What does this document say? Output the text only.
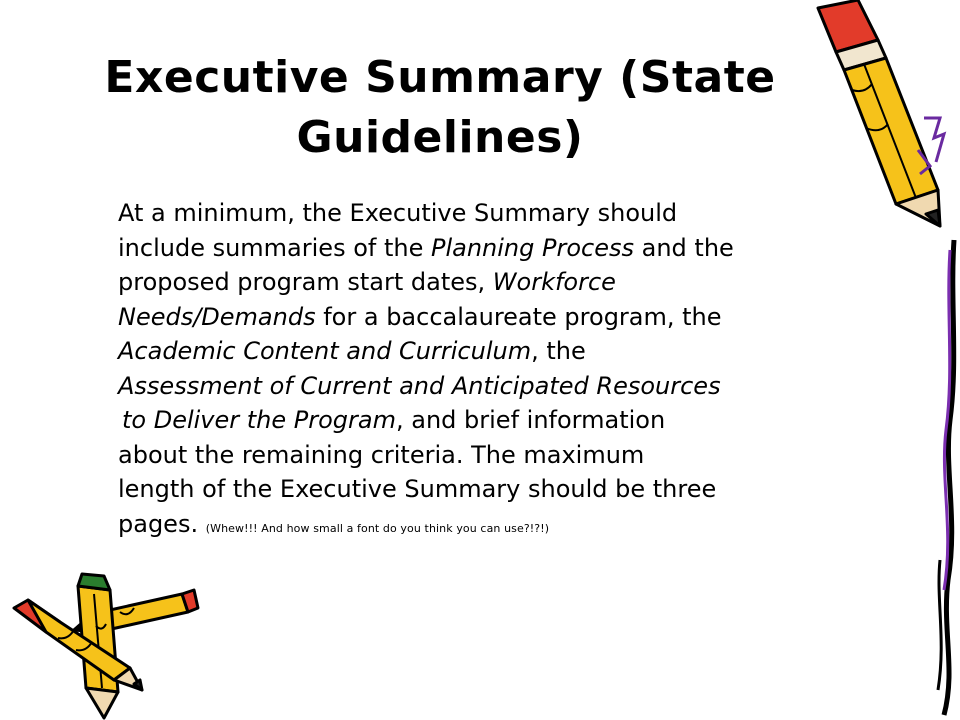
Executive Summary (State
Guidelines)
At a minimum, the Executive Summary should
include summaries of the Planning Process and the
proposed program start dates, Workforce
Needs/Demands for a baccalaureate program, the
Academic Content and Curriculum, the
Assessment of Current and Anticipated Resources
to Deliver the Program, and brief information
about the remaining criteria. The maximum
length of the Executive Summary should be three
pages. (Whew!!! And how small a font do you think you can use?!?!)
